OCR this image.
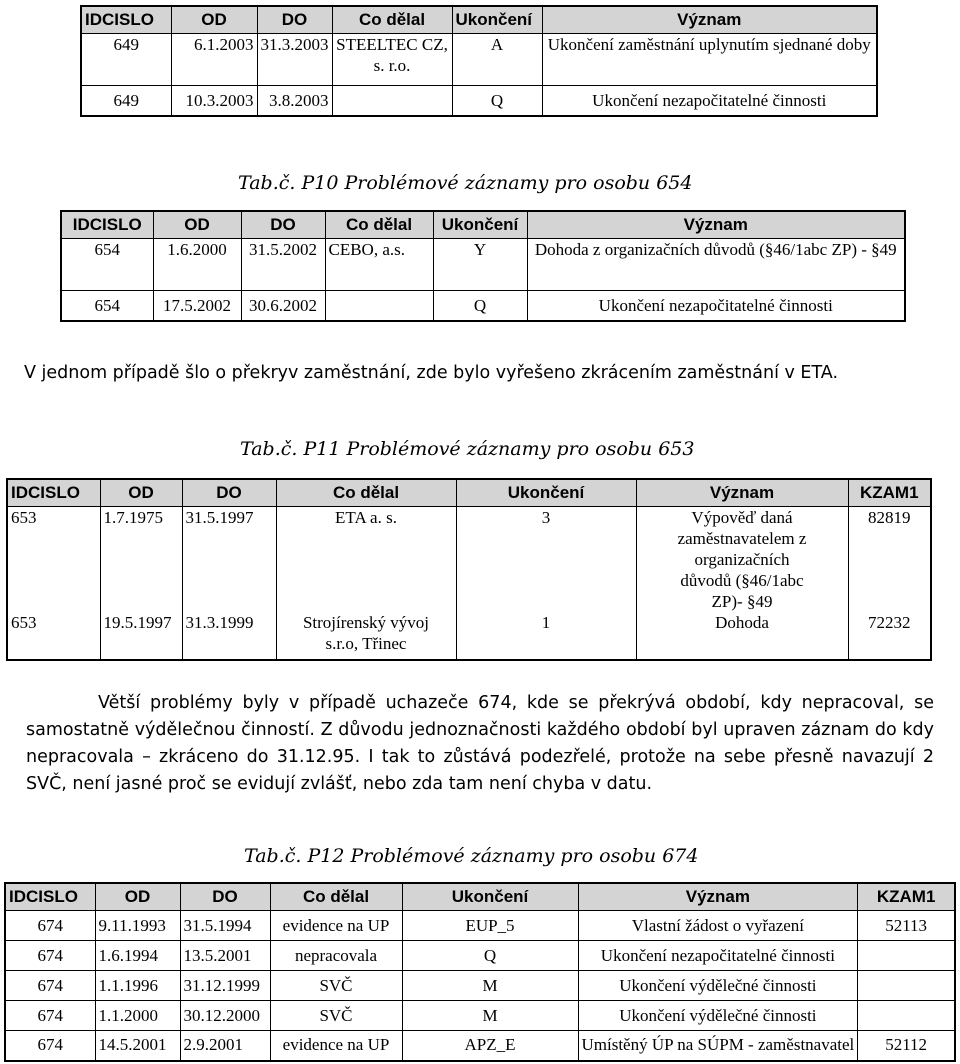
IDCISLO	OD	DO	Co dělal	Ukončení	Význam
649	6.1.2003	31.3.2003	STEELTEC CZ, s. r.o.	A	Ukončení zaměstnání uplynutím sjednané doby
649	10.3.2003	3.8.2003		Q	Ukončení nezapočitatelné činnosti
Tab.č. P10 Problémové záznamy pro osobu 654
IDCISLO	OD	DO	Co dělal	Ukončení	Význam
654	1.6.2000	31.5.2002	CEBO, a.s.	Y	Dohoda z organizačních důvodů (§46/1abc ZP) - §49
654	17.5.2002	30.6.2002		Q	Ukončení nezapočitatelné činnosti
V jednom případě šlo o překryv zaměstnání, zde bylo vyřešeno zkrácením zaměstnání v ETA.
Tab.č. P11 Problémové záznamy pro osobu 653
IDCISLO	OD	DO	Co dělal	Ukončení	Význam	KZAM1
653	1.7.1975	31.5.1997	ETA a. s.	3	Výpověď daná zaměstnavatelem z organizačních důvodů (§46/1abc ZP)- §49	82819
653	19.5.1997	31.3.1999	Strojírenský vývoj s.r.o, Třinec	1	Dohoda	72232
Větší problémy byly v případě uchazeče 674, kde se překrývá období, kdy nepracoval, se samostatně výdělečnou činností. Z důvodu jednoznačnosti každého období byl upraven záznam do kdy nepracovala – zkráceno do 31.12.95. I tak to zůstává podezřelé, protože na sebe přesně navazují 2 SVČ, není jasné proč se evidují zvlášť, nebo zda tam není chyba v datu.
Tab.č. P12 Problémové záznamy pro osobu 674
IDCISLO	OD	DO	Co dělal	Ukončení	Význam	KZAM1
674	9.11.1993	31.5.1994	evidence na UP	EUP_5	Vlastní žádost o vyřazení	52113
674	1.6.1994	13.5.2001	nepracovala	Q	Ukončení nezapočitatelné činnosti	
674	1.1.1996	31.12.1999	SVČ	M	Ukončení výdělečné činnosti	
674	1.1.2000	30.12.2000	SVČ	M	Ukončení výdělečné činnosti	
674	14.5.2001	2.9.2001	evidence na UP	APZ_E	Umístěný ÚP na SÚPM - zaměstnavatel	52112
